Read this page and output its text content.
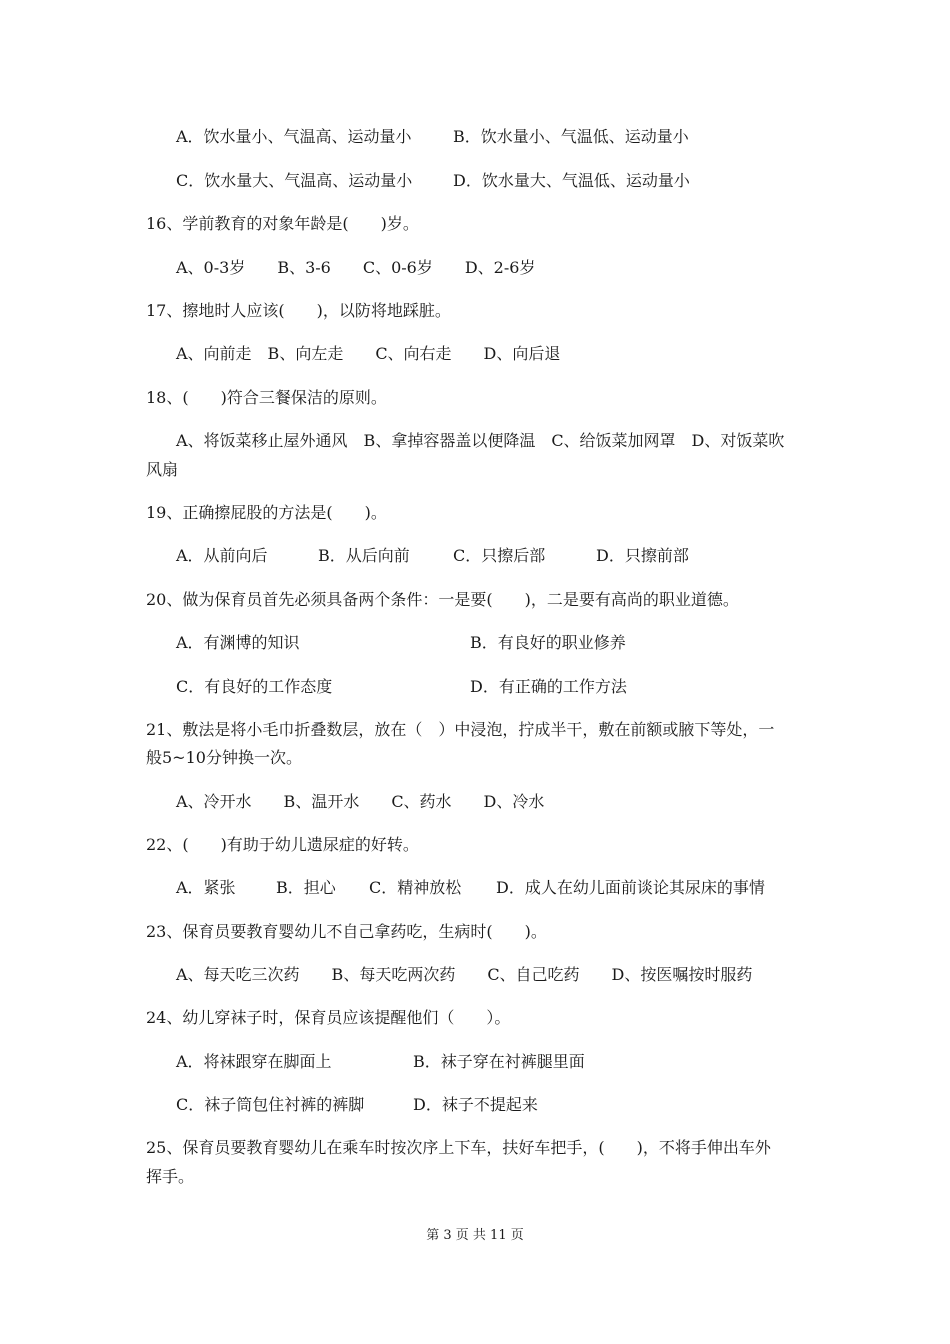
A．饮水量小、气温高、运动量小	B．饮水量小、气温低、运动量小
C．饮水量大、气温高、运动量小	D．饮水量大、气温低、运动量小
16、学前教育的对象年龄是(　　)岁。
A、0-3岁　　B、3-6　　C、0-6岁　　D、2-6岁
17、擦地时人应该(　　)，以防将地踩脏。
A、向前走　B、向左走　　C、向右走　　D、向后退
18、(　　)符合三餐保洁的原则。
A、将饭菜移止屋外通风　B、拿掉容器盖以便降温　C、给饭菜加网罩　D、对饭菜吹
风扇
19、正确擦屁股的方法是(　　)。
A．从前向后	B．从后向前	C．只擦后部	D．只擦前部
20、做为保育员首先必须具备两个条件：一是要(　　)，二是要有高尚的职业道德。
A．有渊博的知识	B．有良好的职业修养
C．有良好的工作态度	D．有正确的工作方法
21、敷法是将小毛巾折叠数层，放在（　）中浸泡，拧成半干，敷在前额或腋下等处，一
般5~10分钟换一次。
A、冷开水　　B、温开水　　C、药水　　D、冷水
22、(　　)有助于幼儿遗尿症的好转。
A．紧张	B．担心 C．精神放松 D．成人在幼儿面前谈论其尿床的事情
23、保育员要教育婴幼儿不自己拿药吃，生病时(　　)。
A、每天吃三次药　　B、每天吃两次药　　C、自己吃药　　D、按医嘱按时服药
24、幼儿穿袜子时，保育员应该提醒他们（　　）。
A．将袜跟穿在脚面上	B．袜子穿在衬裤腿里面
C．袜子筒包住衬裤的裤脚	D．袜子不提起来
25、保育员要教育婴幼儿在乘车时按次序上下车，扶好车把手，(　　)，不将手伸出车外
挥手。
第 3 页 共 11 页
